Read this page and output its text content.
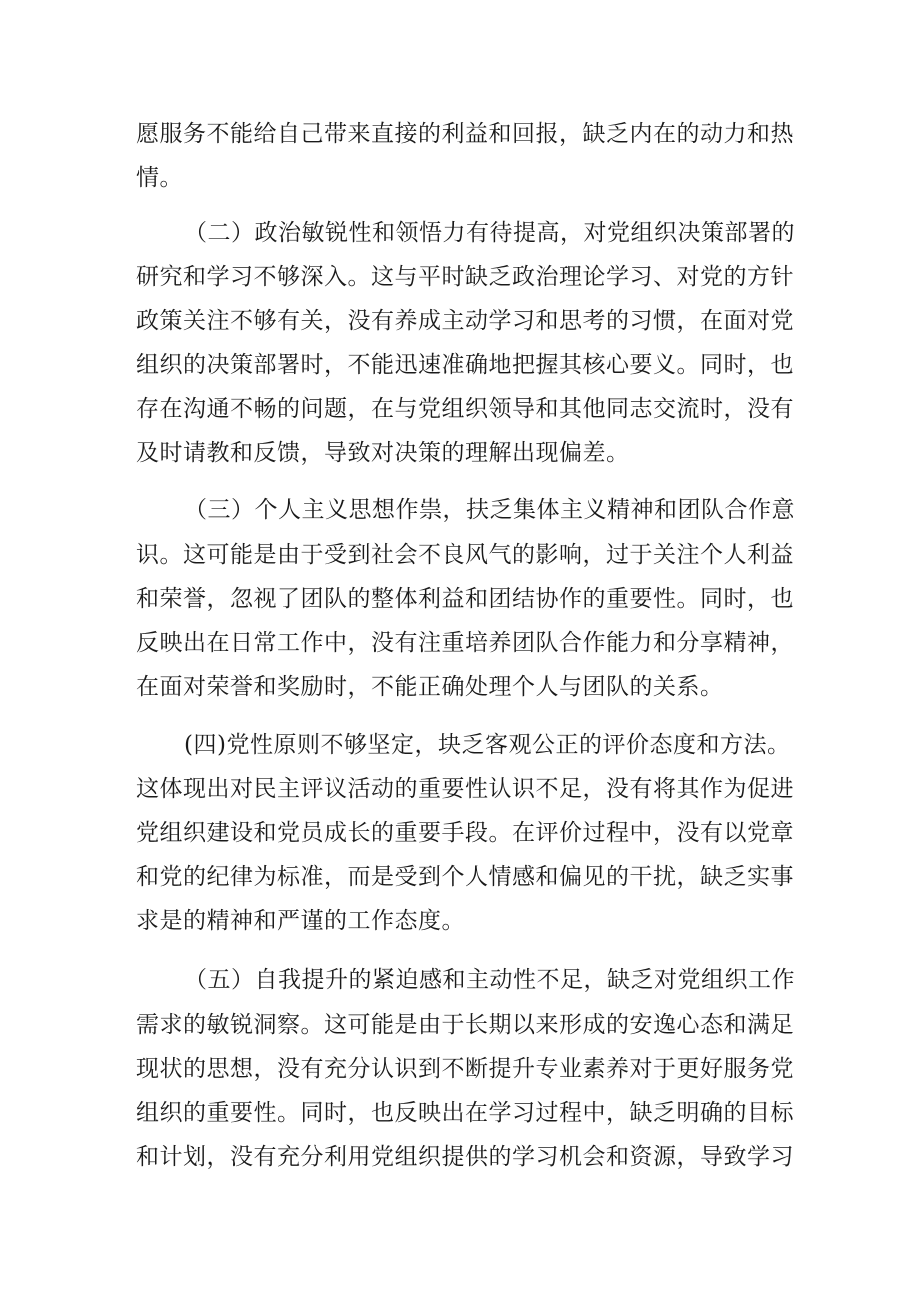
愿服务不能给自己带来直接的利益和回报，缺乏内在的动力和热

情。

（二）政治敏锐性和领悟力有待提高，对党组织决策部署的

研究和学习不够深入。这与平时缺乏政治理论学习、对党的方针

政策关注不够有关，没有养成主动学习和思考的习惯，在面对党

组织的决策部署时，不能迅速准确地把握其核心要义。同时，也

存在沟通不畅的问题，在与党组织领导和其他同志交流时，没有

及时请教和反馈，导致对决策的理解出现偏差。

（三）个人主义思想作祟，扶乏集体主义精神和团队合作意

识。这可能是由于受到社会不良风气的影响，过于关注个人利益

和荣誉，忽视了团队的整体利益和团结协作的重要性。同时，也

反映出在日常工作中，没有注重培养团队合作能力和分享精神，

在面对荣誉和奖励时，不能正确处理个人与团队的关系。

(四)党性原则不够坚定，块乏客观公正的评价态度和方法。

这体现出对民主评议活动的重要性认识不足，没有将其作为促进

党组织建设和党员成长的重要手段。在评价过程中，没有以党章

和党的纪律为标准，而是受到个人情感和偏见的干扰，缺乏实事

求是的精神和严谨的工作态度。

（五）自我提升的紧迫感和主动性不足，缺乏对党组织工作

需求的敏锐洞察。这可能是由于长期以来形成的安逸心态和满足

现状的思想，没有充分认识到不断提升专业素养对于更好服务党

组织的重要性。同时，也反映出在学习过程中，缺乏明确的目标

和计划，没有充分利用党组织提供的学习机会和资源，导致学习
